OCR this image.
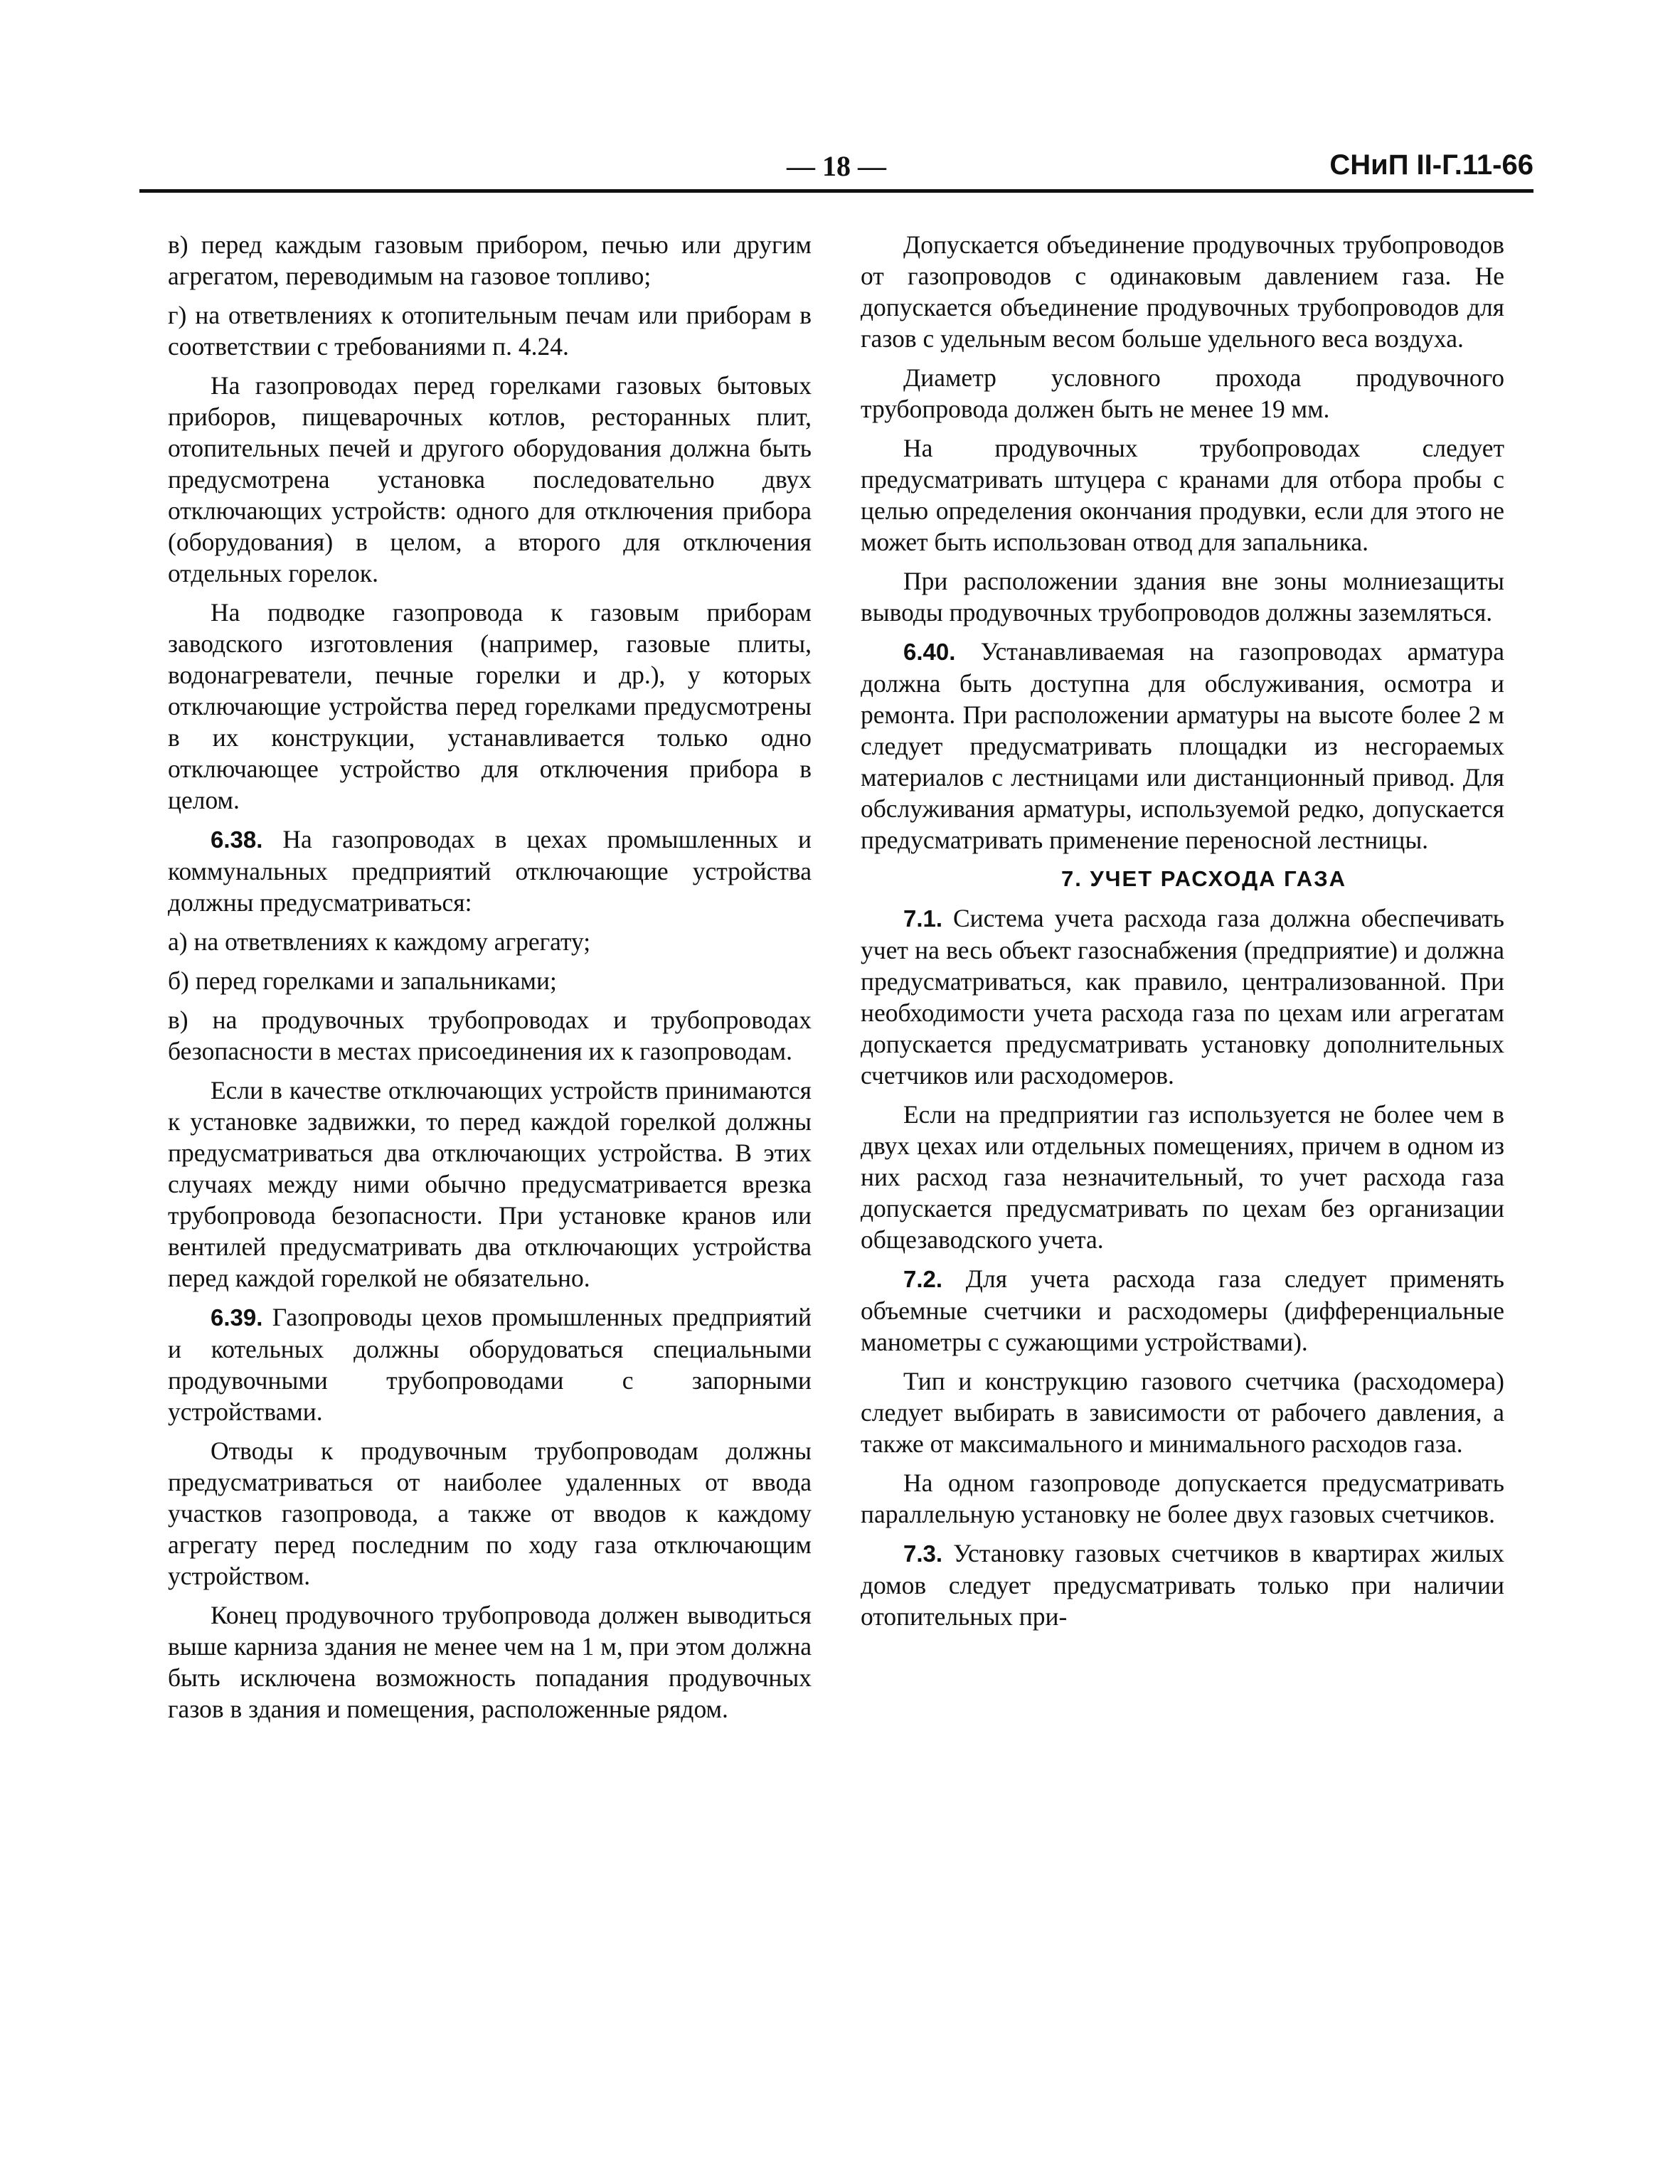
— 18 —	СНиП II-Г.11-66

в) перед каждым газовым прибором, печью или другим агрегатом, переводимым на газовое топливо;

г) на ответвлениях к отопительным печам или приборам в соответствии с требованиями п. 4.24.

На газопроводах перед горелками газовых бытовых приборов, пищеварочных котлов, ресторанных плит, отопительных печей и другого оборудования должна быть предусмотрена установка последовательно двух отключающих устройств: одного для отключения прибора (оборудования) в целом, а второго для отключения отдельных горелок.

На подводке газопровода к газовым приборам заводского изготовления (например, газовые плиты, водонагреватели, печные горелки и др.), у которых отключающие устройства перед горелками предусмотрены в их конструкции, устанавливается только одно отключающее устройство для отключения прибора в целом.

6.38. На газопроводах в цехах промышленных и коммунальных предприятий отключающие устройства должны предусматриваться:

а) на ответвлениях к каждому агрегату;

б) перед горелками и запальниками;

в) на продувочных трубопроводах и трубопроводах безопасности в местах присоединения их к газопроводам.

Если в качестве отключающих устройств принимаются к установке задвижки, то перед каждой горелкой должны предусматриваться два отключающих устройства. В этих случаях между ними обычно предусматривается врезка трубопровода безопасности. При установке кранов или вентилей предусматривать два отключающих устройства перед каждой горелкой не обязательно.

6.39. Газопроводы цехов промышленных предприятий и котельных должны оборудоваться специальными продувочными трубопроводами с запорными устройствами.

Отводы к продувочным трубопроводам должны предусматриваться от наиболее удаленных от ввода участков газопровода, а также от вводов к каждому агрегату перед последним по ходу газа отключающим устройством.

Конец продувочного трубопровода должен выводиться выше карниза здания не менее чем на 1 м, при этом должна быть исключена возможность попадания продувочных газов в здания и помещения, расположенные рядом.

Допускается объединение продувочных трубопроводов от газопроводов с одинаковым давлением газа. Не допускается объединение продувочных трубопроводов для газов с удельным весом больше удельного веса воздуха.

Диаметр условного прохода продувочного трубопровода должен быть не менее 19 мм.

На продувочных трубопроводах следует предусматривать штуцера с кранами для отбора пробы с целью определения окончания продувки, если для этого не может быть использован отвод для запальника.

При расположении здания вне зоны молниезащиты выводы продувочных трубопроводов должны заземляться.

6.40. Устанавливаемая на газопроводах арматура должна быть доступна для обслуживания, осмотра и ремонта. При расположении арматуры на высоте более 2 м следует предусматривать площадки из несгораемых материалов с лестницами или дистанционный привод. Для обслуживания арматуры, используемой редко, допускается предусматривать применение переносной лестницы.

7. УЧЕТ РАСХОДА ГАЗА

7.1. Система учета расхода газа должна обеспечивать учет на весь объект газоснабжения (предприятие) и должна предусматриваться, как правило, централизованной. При необходимости учета расхода газа по цехам или агрегатам допускается предусматривать установку дополнительных счетчиков или расходомеров.

Если на предприятии газ используется не более чем в двух цехах или отдельных помещениях, причем в одном из них расход газа незначительный, то учет расхода газа допускается предусматривать по цехам без организации общезаводского учета.

7.2. Для учета расхода газа следует применять объемные счетчики и расходомеры (дифференциальные манометры с сужающими устройствами).

Тип и конструкцию газового счетчика (расходомера) следует выбирать в зависимости от рабочего давления, а также от максимального и минимального расходов газа.

На одном газопроводе допускается предусматривать параллельную установку не более двух газовых счетчиков.

7.3. Установку газовых счетчиков в квартирах жилых домов следует предусматривать только при наличии отопительных при-
